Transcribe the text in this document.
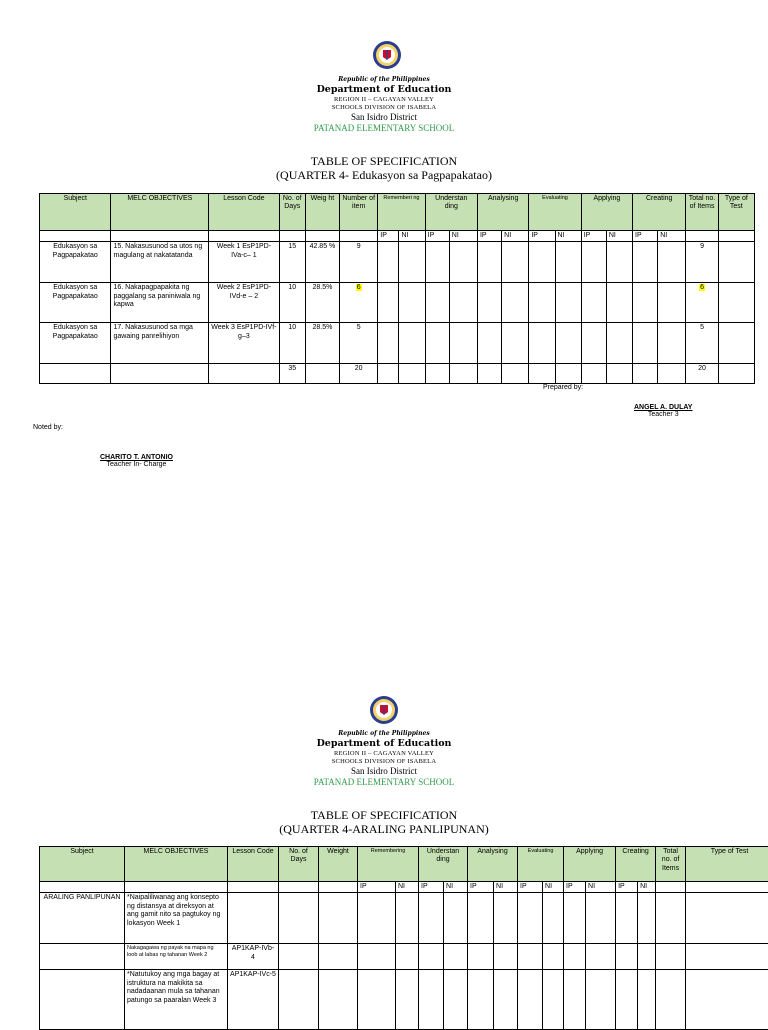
Republic of the Philippines
Department of Education
REGION II – CAGAYAN VALLEY
SCHOOLS DIVISION OF ISABELA
San Isidro District
PATANAD ELEMENTARY SCHOOL
TABLE OF SPECIFICATION
(QUARTER 4- Edukasyon sa Pagpapakatao)
Subject	MELC OBJECTIVES	Lesson Code	No. of Days	Weig ht	Number of item	Rememberi ng		Understan ding		Analysing		Evaluating		Applying		Creating		Total no. of Items	Type of Test
						IP	NI	IP	NI	IP	NI	IP	NI	IP	NI	IP	NI		
Edukasyon sa Pagpapakatao	15. Nakasusunod sa utos ng magulang at nakatatanda	Week 1 EsP1PD-IVa-c– 1	15	42.85 %	9													9	
Edukasyon sa Pagpapakatao	16. Nakapagpapakita ng paggalang sa paniniwala ng kapwa	Week 2 EsP1PD-IVd-e – 2	10	28.5%	6													6	
Edukasyon sa Pagpapakatao	17. Nakasusunod sa mga gawaing panrelihiyon	Week 3 EsP1PD-IVf-g–3	10	28.5%	5													5	
			35		20													20	
Prepared by:
ANGEL A. DULAY
Teacher 3
Noted by:
CHARITO T. ANTONIO
Teacher In- Charge
Republic of the Philippines
Department of Education
REGION II – CAGAYAN VALLEY
SCHOOLS DIVISION OF ISABELA
San Isidro District
PATANAD ELEMENTARY SCHOOL
TABLE OF SPECIFICATION
(QUARTER 4-ARALING PANLIPUNAN)
Subject	MELC OBJECTIVES	Lesson Code	No. of Days	Weight	Remembering		Understan ding		Analysing		Evaluating		Applying		Creating		Total no. of Items	Type of Test
					IP	NI	IP	NI	IP	NI	IP	NI	IP	NI	IP	NI		
ARALING PANLIPUNAN	*Naipaliliwanag ang konsepto ng distansya at direksyon at ang gamit nito sa pagtukoy ng lokasyon Week 1																	
	Nakagagawa ng payak na mapa ng loob at labas ng tahanan Week 2	AP1KAP-IVb-4																
	*Natutukoy ang mga bagay at istruktura na makikita sa nadadaanan mula sa tahanan patungo sa paaralan Week 3	AP1KAP-IVc-5																
